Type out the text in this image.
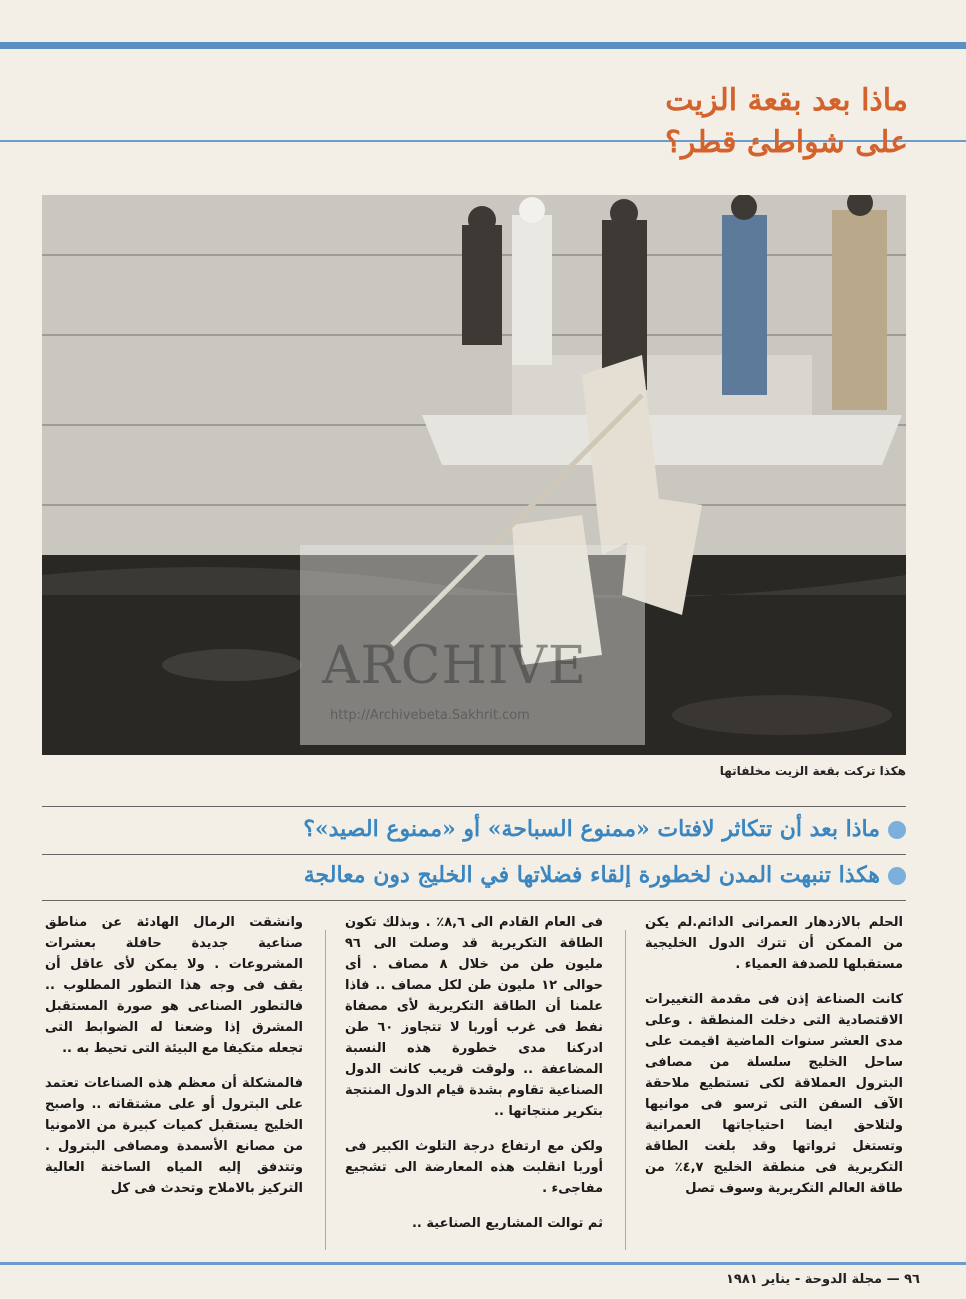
ماذا بعد بقعة الزيت
على شواطئ قطر؟
ARCHIVE
http://Archivebeta.Sakhrit.com
هكذا تركت بقعة الزيت مخلفاتها
ماذا بعد أن تتكاثر لافتات «ممنوع السباحة» أو «ممنوع الصيد»؟
هكذا تنبهت المدن لخطورة إلقاء فضلاتها في الخليج دون معالجة

الحلم بالازدهار العمرانى الدائم.لم يكن من الممكن أن تترك الدول الخليجية مستقبلها للصدفة العمياء .

كانت الصناعة إذن فى مقدمة التغييرات الاقتصادية التى دخلت المنطقة . وعلى مدى العشر سنوات الماضية اقيمت على ساحل الخليج سلسلة من مصافى البترول العملاقة لكى تستطيع ملاحقة الآف السفن التى ترسو فى موانيها ولتلاحق ايضا احتياجاتها العمرانية وتستغل ثرواتها وقد بلغت الطاقة التكريرية فى منطقة الخليج ٤,٧٪ من طاقة العالم التكريرية وسوف تصل

فى العام القادم الى ٨,٦٪ . وبذلك تكون الطاقة التكريرية قد وصلت الى ٩٦ مليون طن من خلال ٨ مصاف . أى حوالى ١٢ مليون طن لكل مصاف .. فاذا علمنا أن الطاقة التكريرية لأى مصفاة نفط فى غرب أوربا لا تتجاوز ٦٠ طن ادركنا مدى خطورة هذه النسبة المضاعفة .. ولوقت قريب كانت الدول الصناعية تقاوم بشدة قيام الدول المنتجة بتكرير منتجاتها ..

ولكن مع ارتفاع درجة التلوث الكبير فى أوربا انقلبت هذه المعارضة الى تشجيع مفاجىء .

ثم توالت المشاريع الصناعية ..

وانشقت الرمال الهادئة عن مناطق صناعية جديدة حافلة بعشرات المشروعات . ولا يمكن لأى عاقل أن يقف فى وجه هذا التطور المطلوب .. فالتطور الصناعى هو صورة المستقبل المشرق إذا وضعنا له الضوابط التى تجعله متكيفا مع البيئة التى تحيط به ..

فالمشكلة أن معظم هذه الصناعات تعتمد على البترول أو على مشتقاته .. واصبح الخليج يستقبل كميات كبيرة من الامونيا من مصانع الأسمدة ومصافى البترول . وتتدفق إليه المياه الساخنة العالية التركيز بالاملاح وتحدث فى كل

٩٦ — مجلة الدوحة - يناير ١٩٨١
